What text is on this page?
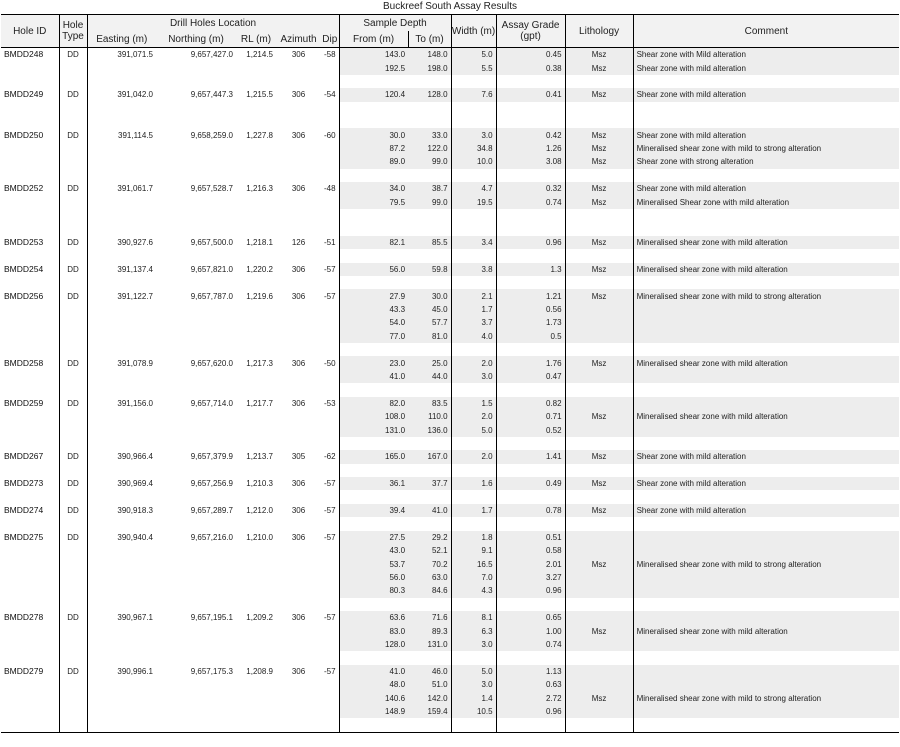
Buckreef South Assay Results
Hole ID	Hole Type	Drill Holes Location					Sample Depth		Width (m)	Assay Grade (gpt)	Lithology	Comment
		Easting (m)	Northing (m)	RL (m)	Azimuth	Dip	From (m)	To (m)				
BMDD248	DD	391,071.5	9,657,427.0	1,214.5	306	-58	143.0	148.0	5.0	0.45	Msz	Shear zone with Mild alteration
							192.5	198.0	5.5	0.38	Msz	Shear zone with mild alteration

BMDD249	DD	391,042.0	9,657,447.3	1,215.5	306	-54	120.4	128.0	7.6	0.41	Msz	Shear zone with mild alteration

BMDD250	DD	391,114.5	9,658,259.0	1,227.8	306	-60	30.0	33.0	3.0	0.42	Msz	Shear zone with mild alteration
							87.2	122.0	34.8	1.26	Msz	Mineralised shear zone with mild to strong alteration
							89.0	99.0	10.0	3.08	Msz	Shear zone with strong alteration

BMDD252	DD	391,061.7	9,657,528.7	1,216.3	306	-48	34.0	38.7	4.7	0.32	Msz	Shear zone with mild alteration
							79.5	99.0	19.5	0.74	Msz	Mineralised Shear zone with mild alteration

BMDD253	DD	390,927.6	9,657,500.0	1,218.1	126	-51	82.1	85.5	3.4	0.96	Msz	Mineralised shear zone with mild alteration

BMDD254	DD	391,137.4	9,657,821.0	1,220.2	306	-57	56.0	59.8	3.8	1.3	Msz	Mineralised shear zone with mild alteration

BMDD256	DD	391,122.7	9,657,787.0	1,219.6	306	-57	27.9	30.0	2.1	1.21	Msz	Mineralised shear zone with mild to strong alteration
							43.3	45.0	1.7	0.56		
							54.0	57.7	3.7	1.73		
							77.0	81.0	4.0	0.5		

BMDD258	DD	391,078.9	9,657,620.0	1,217.3	306	-50	23.0	25.0	2.0	1.76	Msz	Mineralised shear zone with mild alteration
							41.0	44.0	3.0	0.47		

BMDD259	DD	391,156.0	9,657,714.0	1,217.7	306	-53	82.0	83.5	1.5	0.82		
							108.0	110.0	2.0	0.71	Msz	Mineralised shear zone with mild alteration
							131.0	136.0	5.0	0.52		

BMDD267	DD	390,966.4	9,657,379.9	1,213.7	305	-62	165.0	167.0	2.0	1.41	Msz	Shear zone with mild alteration

BMDD273	DD	390,969.4	9,657,256.9	1,210.3	306	-57	36.1	37.7	1.6	0.49	Msz	Shear zone with mild alteration

BMDD274	DD	390,918.3	9,657,289.7	1,212.0	306	-57	39.4	41.0	1.7	0.78	Msz	Shear zone with mild alteration

BMDD275	DD	390,940.4	9,657,216.0	1,210.0	306	-57	27.5	29.2	1.8	0.51		
							43.0	52.1	9.1	0.58		
							53.7	70.2	16.5	2.01	Msz	Mineralised shear zone with mild to strong alteration
							56.0	63.0	7.0	3.27		
							80.3	84.6	4.3	0.96		

BMDD278	DD	390,967.1	9,657,195.1	1,209.2	306	-57	63.6	71.6	8.1	0.65		
							83.0	89.3	6.3	1.00	Msz	Mineralised shear zone with mild alteration
							128.0	131.0	3.0	0.74		

BMDD279	DD	390,996.1	9,657,175.3	1,208.9	306	-57	41.0	46.0	5.0	1.13		
							48.0	51.0	3.0	0.63		
							140.6	142.0	1.4	2.72	Msz	Mineralised shear zone with mild to strong alteration
							148.9	159.4	10.5	0.96		
